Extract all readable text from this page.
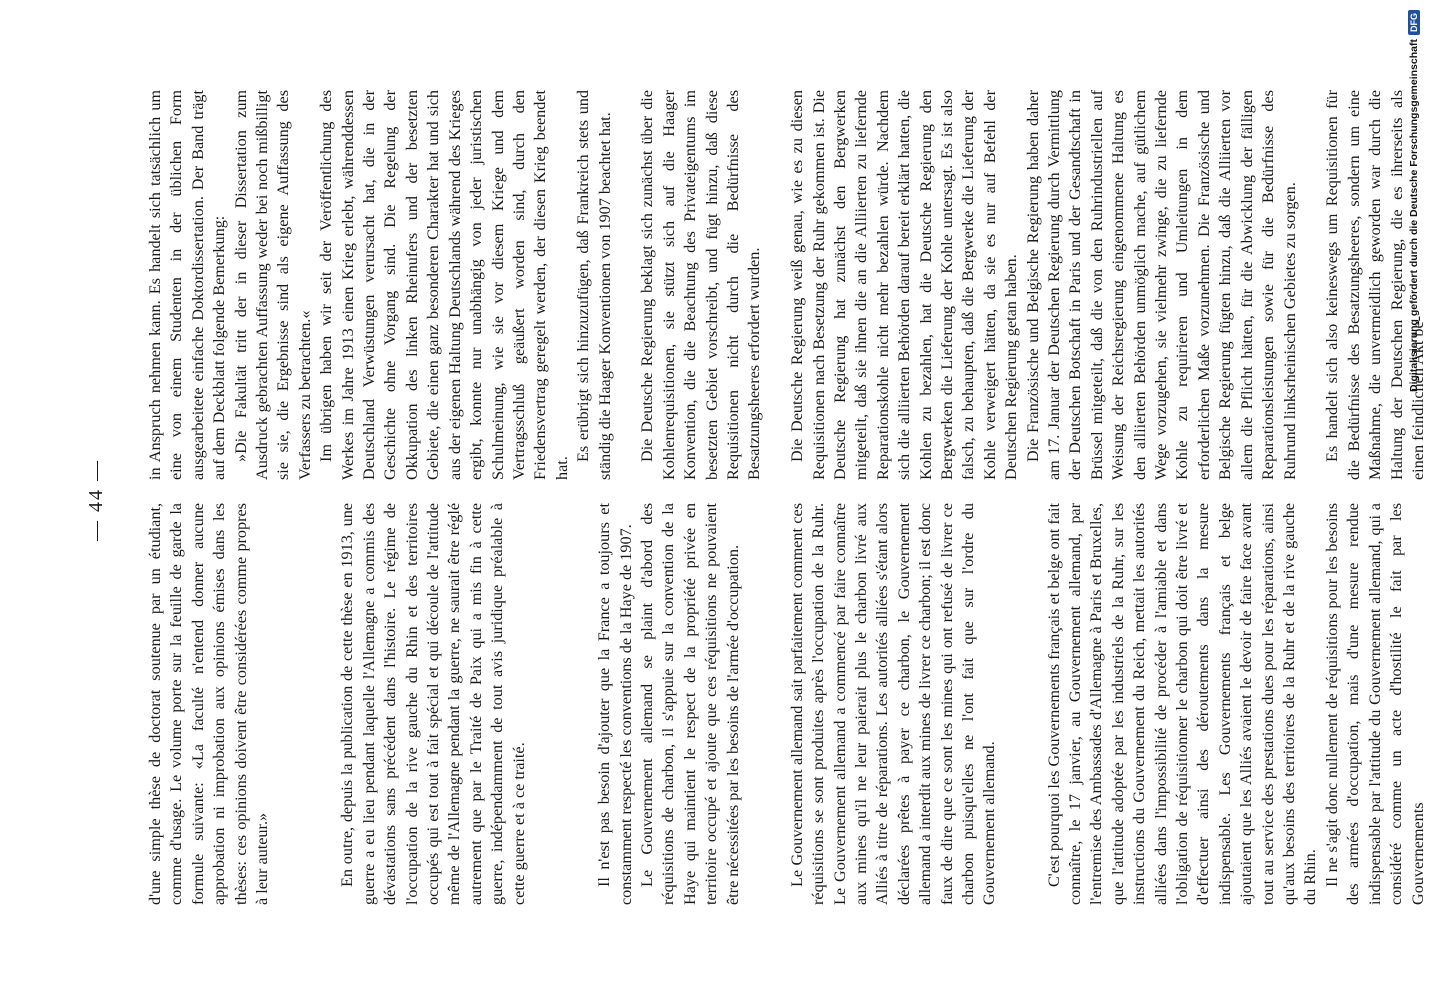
— 44 —

d'une simple thèse de doctorat soutenue par un étudiant, comme d'usage. Le volume porte sur la feuille de garde la formule suivante: «La faculté n'entend donner aucune approbation ni improbation aux opinions émises dans les thèses: ces opinions doivent être considérées comme propres à leur auteur.»	En outre, depuis la publication de cette thèse en 1913, une guerre a eu lieu pendant laquelle l'Allemagne a commis des dévastations sans précédent dans l'histoire. Le régime de l'occupation de la rive gauche du Rhin et des territoires occupés qui est tout à fait spécial et qui découle de l'attitude même de l'Allemagne pendant la guerre, ne saurait être réglé autrement que par le Traité de Paix qui a mis fin à cette guerre, indépendamment de tout avis juridique préalable à cette guerre et à ce traité.	Il n'est pas besoin d'ajouter que la France a toujours et constamment respecté les conventions de la Haye de 1907. Le Gouvernement allemand se plaint d'abord des réquisitions de charbon, il s'appuie sur la convention de la Haye qui maintient le respect de la propriété privée en territoire occupé et ajoute que ces réquisitions ne pouvaient être nécessitées par les besoins de l'armée d'occupation.	Le Gouvernement allemand sait parfaitement comment ces réquisitions se sont produites après l'occupation de la Ruhr. Le Gouvernement allemand a commencé par faire connaître aux mines qu'il ne leur paierait plus le charbon livré aux Alliés à titre de réparations. Les autorités alliées s'étant alors déclarées prêtes à payer ce charbon, le Gouvernement allemand a interdit aux mines de livrer ce charbon; il est donc faux de dire que ce sont les mines qui ont refusé de livrer ce charbon puisqu'elles ne l'ont fait que sur l'ordre du Gouvernement allemand.	C'est pourquoi les Gouvernements français et belge ont fait connaître, le 17 janvier, au Gouvernement allemand, par l'entremise des Ambassades d'Allemagne à Paris et Bruxelles, que l'attitude adoptée par les industriels de la Ruhr, sur les instructions du Gouvernement du Reich, mettait les autorités alliées dans l'impossibilité de procéder à l'amiable et dans l'obligation de réquisitionner le charbon qui doit être livré et d'effectuer ainsi des déroutements dans la mesure indispensable. Les Gouvernements français et belge ajoutaient que les Alliés avaient le devoir de faire face avant tout au service des prestations dues pour les réparations, ainsi qu'aux besoins des territoires de la Ruhr et de la rive gauche du Rhin. Il ne s'agit donc nullement de réquisitions pour les besoins des armées d'occupation, mais d'une mesure rendue indispensable par l'attitude du Gouvernement allemand, qui a considéré comme un acte d'hostilité le fait par les Gouvernements

in Anspruch nehmen kann. Es handelt sich tatsächlich um eine von einem Studenten in der üblichen Form ausgearbeitete einfache Doktordissertation. Der Band trägt auf dem Deckblatt folgende Bemerkung: »Die Fakultät tritt der in dieser Dissertation zum Ausdruck gebrachten Auffassung weder bei noch mißbilligt sie sie, die Ergebnisse sind als eigene Auffassung des Verfassers zu betrachten.« Im übrigen haben wir seit der Veröffentlichung des Werkes im Jahre 1913 einen Krieg erlebt, währenddessen Deutschland Verwüstungen verursacht hat, die in der Geschichte ohne Vorgang sind. Die Regelung der Okkupation des linken Rheinufers und der besetzten Gebiete, die einen ganz besonderen Charakter hat und sich aus der eigenen Haltung Deutschlands während des Krieges ergibt, konnte nur unabhängig von jeder juristischen Schulmeinung, wie sie vor diesem Kriege und dem Vertragsschluß geäußert worden sind, durch den Friedensvertrag geregelt werden, der diesen Krieg beendet hat.

Es erübrigt sich hinzuzufügen, daß Frankreich stets und ständig die Haager Konventionen von 1907 beachtet hat. Die Deutsche Regierung beklagt sich zunächst über die Kohlenrequisitionen, sie stützt sich auf die Haager Konvention, die die Beachtung des Privateigentums im besetzten Gebiet vorschreibt, und fügt hinzu, daß diese Requisitionen nicht durch die Bedürfnisse des Besatzungsheeres erfordert wurden. Die Deutsche Regierung weiß genau, wie es zu diesen Requisitionen nach Besetzung der Ruhr gekommen ist. Die Deutsche Regierung hat zunächst den Bergwerken mitgeteilt, daß sie ihnen die an die Alliierten zu liefernde Reparationskohle nicht mehr bezahlen würde. Nachdem sich die alliierten Behörden darauf bereit erklärt hatten, die Kohlen zu bezahlen, hat die Deutsche Regierung den Bergwerken die Lieferung der Kohle untersagt. Es ist also falsch, zu behaupten, daß die Bergwerke die Lieferung der Kohle verweigert hätten, da sie es nur auf Befehl der Deutschen Regierung getan haben. Die Französische und Belgische Regierung haben daher am 17. Januar der Deutschen Regierung durch Vermittlung der Deutschen Botschaft in Paris und der Gesandtschaft in Brüssel mitgeteilt, daß die von den Ruhrindustriellen auf Weisung der Reichsregierung eingenommene Haltung es den alliierten Behörden unmöglich mache, auf gütlichem Wege vorzugehen, sie vielmehr zwinge, die zu liefernde Kohle zu requirieren und Umleitungen in dem erforderlichen Maße vorzunehmen. Die Französische und Belgische Regierung fügten hinzu, daß die Alliierten vor allem die Pflicht hätten, für die Abwicklung der fälligen Reparationsleistungen sowie für die Bedürfnisse des Ruhrund linksrheinischen Gebietes zu sorgen. Es handelt sich also keineswegs um Requisitionen für die Bedürfnisse des Besatzungsheeres, sondern um eine Maßnahme, die unvermeidlich geworden war durch die Haltung der Deutschen Regierung, die es ihrerseits als einen feindlichen Akt be-

Digitalisierung gefördert durch die Deutsche Forschungsgemeinschaft
DFG
